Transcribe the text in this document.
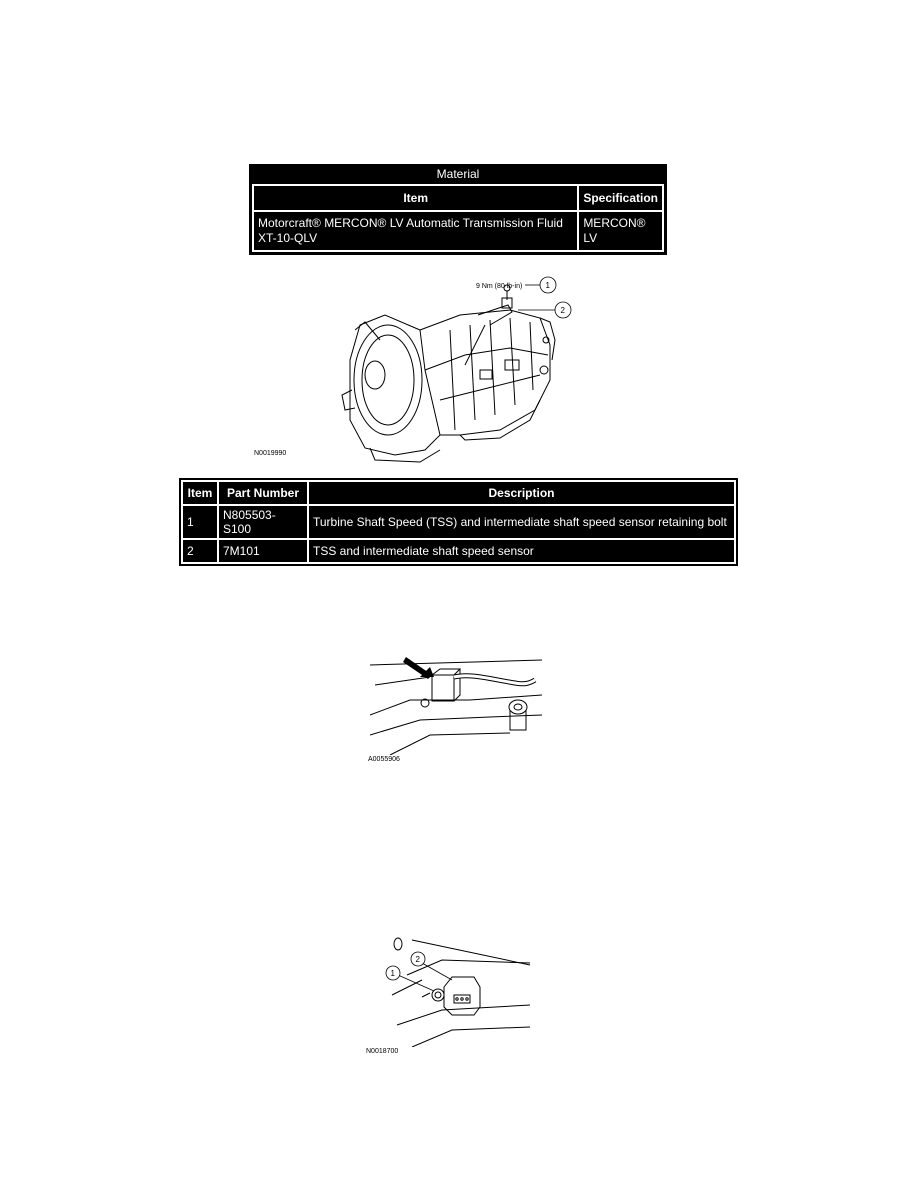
Material
Item	Specification
Motorcraft® MERCON® LV Automatic Transmission Fluid XT-10-QLV	MERCON® LV
9 Nm (80 lb-in)	1
2
N0019990
Item	Part Number	Description
1	N805503-S100	Turbine Shaft Speed (TSS) and intermediate shaft speed sensor retaining bolt
2	7M101	TSS and intermediate shaft speed sensor
A0055906
1
2
N0018700
